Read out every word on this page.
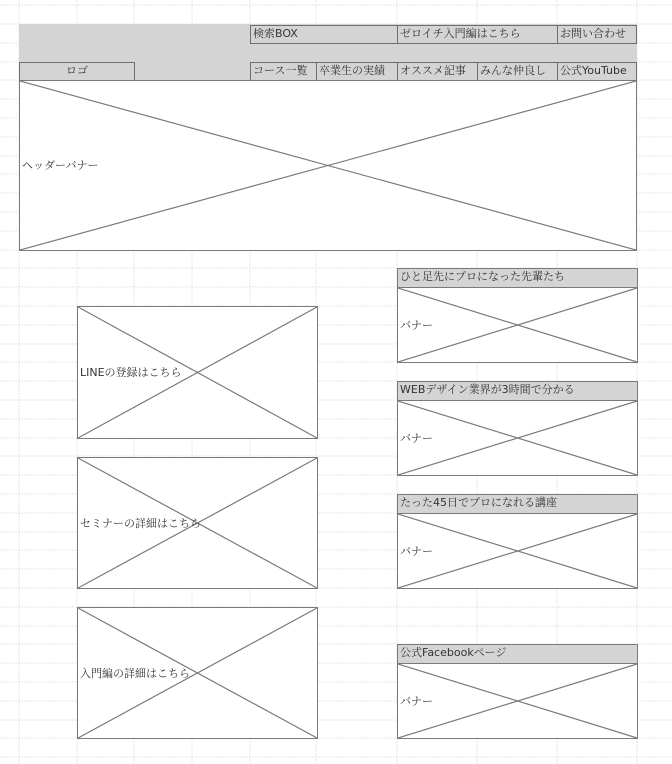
検索BOX	ゼロイチ入門編はこちら	お問い合わせ
ロゴ	コース一覧	卒業生の実績	オススメ記事	みんな仲良し	公式YouTube
ヘッダーバナー
LINEの登録はこちら
セミナーの詳細はこちら
入門編の詳細はこちら
ひと足先にプロになった先輩たち
バナー
WEBデザイン業界が3時間で分かる
バナー
たった45日でプロになれる講座
バナー
公式Facebookページ
バナー
